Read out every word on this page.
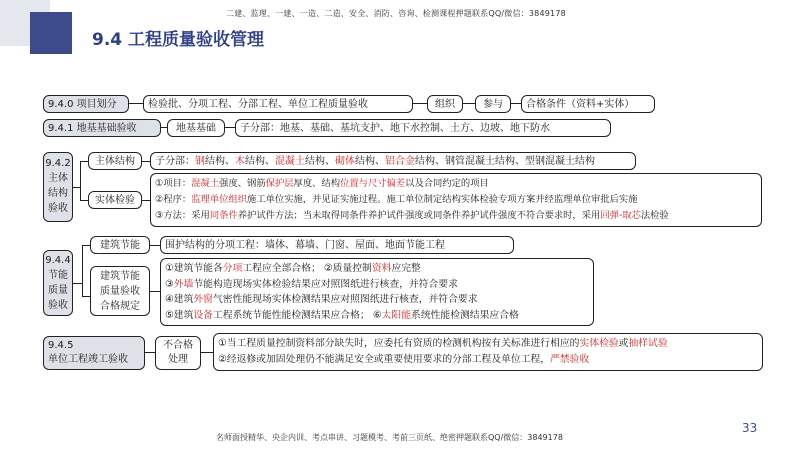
二建、监理、一建、一造、二造、安全、消防、咨询、检测课程押题联系QQ/微信：3849178
9.4 工程质量验收管理
9.4.0 项目划分	检验批、分项工程、分部工程、单位工程质量验收	组织	参与	合格条件（资料+实体）
9.4.1 地基基础验收	地基基础	子分部：地基、基础、基坑支护、地下水控制、土方、边坡、地下防水
9.4.2
主体
结构
验收
主体结构	子分部：钢结构、木结构、混凝土结构、砌体结构、铝合金结构、钢管混凝土结构、型钢混凝土结构
实体检验
①项目：混凝土强度、钢筋保护层厚度、结构位置与尺寸偏差以及合同约定的项目
②程序：监理单位组织施工单位实施，并见证实施过程。施工单位制定结构实体检验专项方案并经监理单位审批后实施
③方法：采用同条件养护试件方法；当未取得同条件养护试件强度或同条件养护试件强度不符合要求时，采用回弹-取芯法检验
9.4.4
节能
质量
验收
建筑节能	围护结构的分项工程：墙体、幕墙、门窗、屋面、地面节能工程
建筑节能
质量验收
合格规定
①建筑节能各分项工程应全部合格； ②质量控制资料应完整
③外墙节能构造现场实体检验结果应对照图纸进行核查，并符合要求
④建筑外窗气密性能现场实体检测结果应对照图纸进行核查，并符合要求
⑤建筑设备工程系统节能性能检测结果应合格； ⑥太阳能系统性能检测结果应合格
9.4.5
单位工程竣工验收
不合格
处理
①当工程质量控制资料部分缺失时，应委托有资质的检测机构按有关标准进行相应的实体检验或抽样试验
②经返修或加固处理仍不能满足安全或重要使用要求的分部工程及单位工程，严禁验收
33
名师面授精华、央企内训、考点串讲、习题模考、考前三页纸、绝密押题联系QQ/微信：3849178
